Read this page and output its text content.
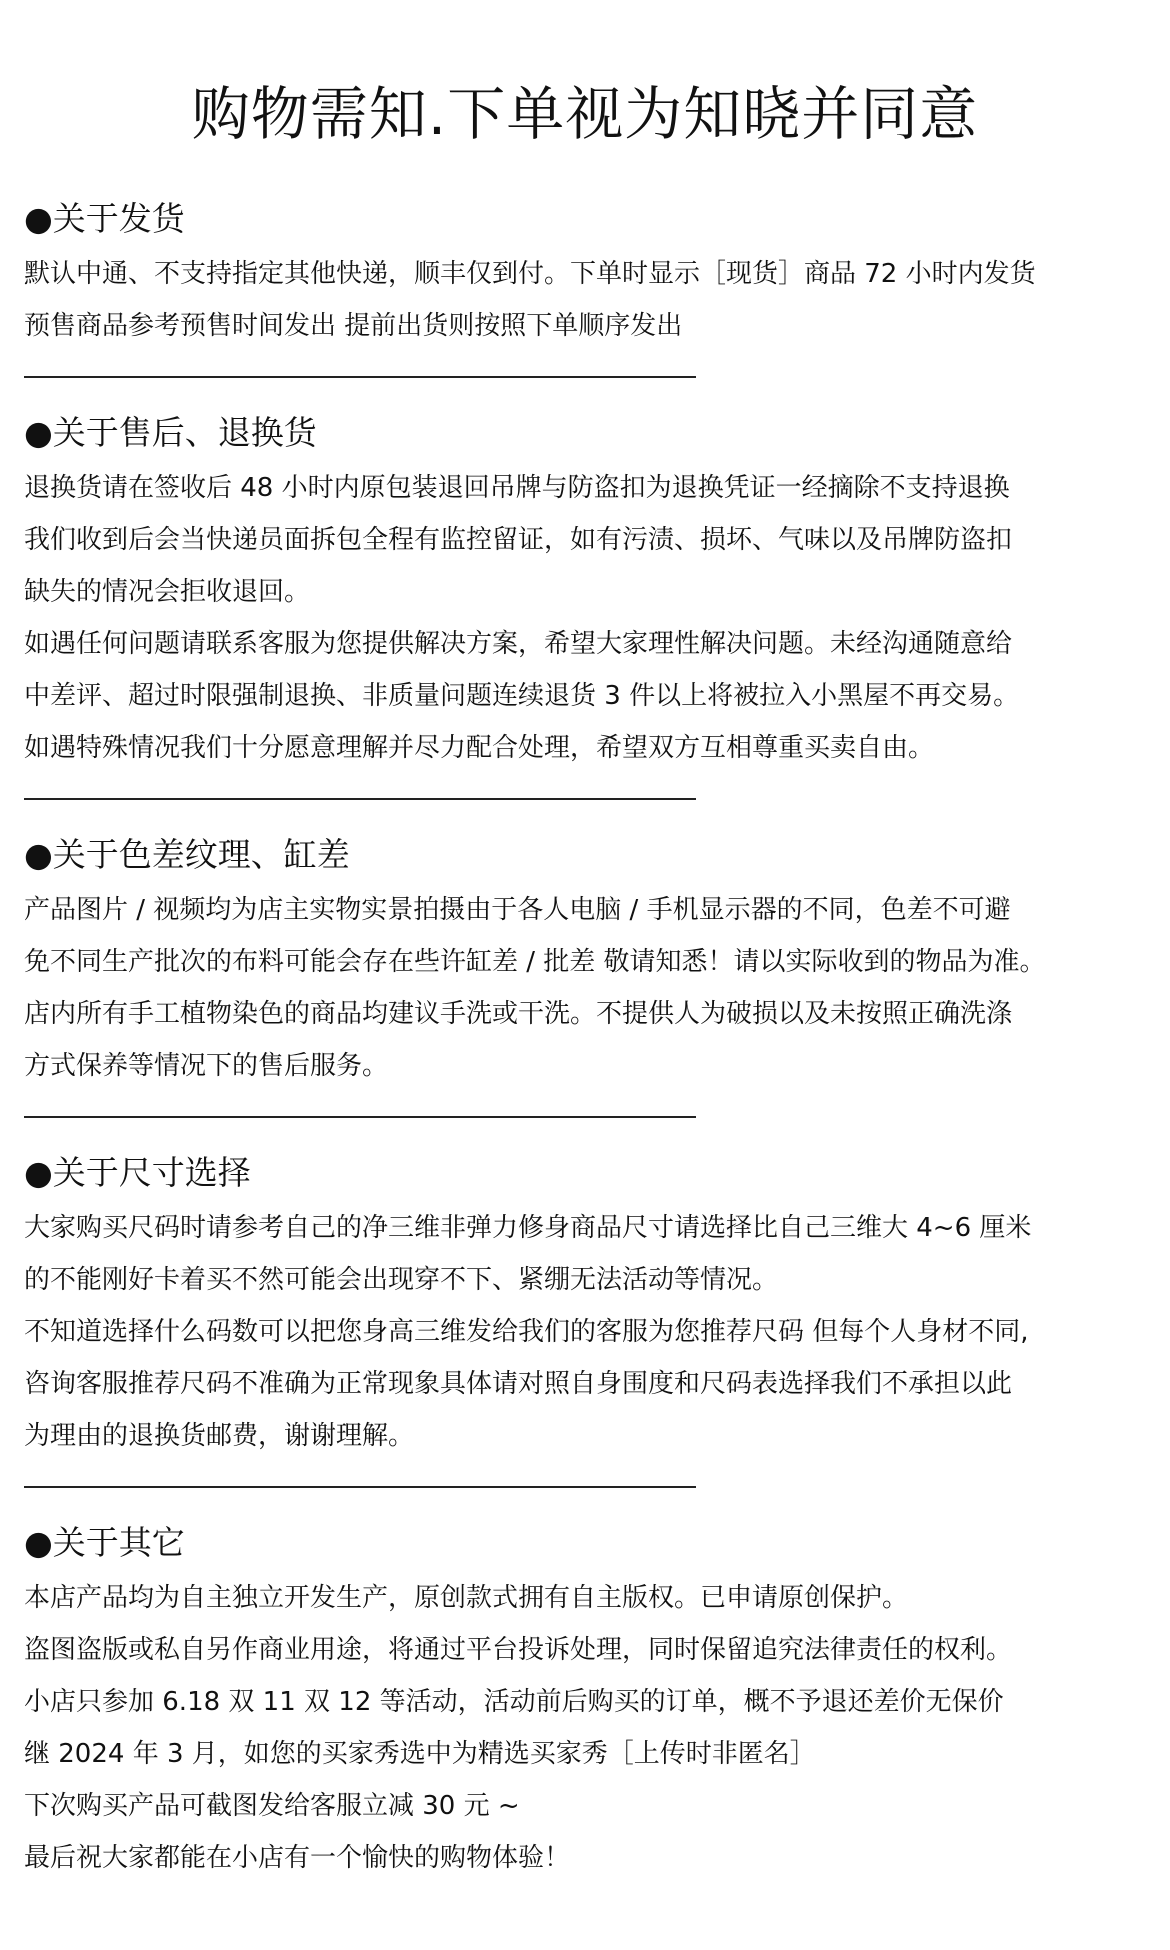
购物需知.下单视为知晓并同意
●关于发货
默认中通、不支持指定其他快递，顺丰仅到付。下单时显示［现货］商品 72 小时内发货
预售商品参考预售时间发出 提前出货则按照下单顺序发出
●关于售后、退换货
退换货请在签收后 48 小时内原包装退回吊牌与防盗扣为退换凭证一经摘除不支持退换
我们收到后会当快递员面拆包全程有监控留证，如有污渍、损坏、气味以及吊牌防盗扣
缺失的情况会拒收退回。
如遇任何问题请联系客服为您提供解决方案，希望大家理性解决问题。未经沟通随意给
中差评、超过时限强制退换、非质量问题连续退货 3 件以上将被拉入小黑屋不再交易。
如遇特殊情况我们十分愿意理解并尽力配合处理，希望双方互相尊重买卖自由。
●关于色差纹理、缸差
产品图片 / 视频均为店主实物实景拍摄由于各人电脑 / 手机显示器的不同，色差不可避
免不同生产批次的布料可能会存在些许缸差 / 批差 敬请知悉！请以实际收到的物品为准。
店内所有手工植物染色的商品均建议手洗或干洗。不提供人为破损以及未按照正确洗涤
方式保养等情况下的售后服务。
●关于尺寸选择
大家购买尺码时请参考自己的净三维非弹力修身商品尺寸请选择比自己三维大 4~6 厘米
的不能刚好卡着买不然可能会出现穿不下、紧绷无法活动等情况。
不知道选择什么码数可以把您身高三维发给我们的客服为您推荐尺码 但每个人身材不同,
咨询客服推荐尺码不准确为正常现象具体请对照自身围度和尺码表选择我们不承担以此
为理由的退换货邮费，谢谢理解。
●关于其它
本店产品均为自主独立开发生产，原创款式拥有自主版权。已申请原创保护。
盗图盗版或私自另作商业用途，将通过平台投诉处理，同时保留追究法律责任的权利。
小店只参加 6.18 双 11 双 12 等活动，活动前后购买的订单，概不予退还差价无保价
继 2024 年 3 月，如您的买家秀选中为精选买家秀［上传时非匿名］
下次购买产品可截图发给客服立减 30 元 ~
最后祝大家都能在小店有一个愉快的购物体验！
